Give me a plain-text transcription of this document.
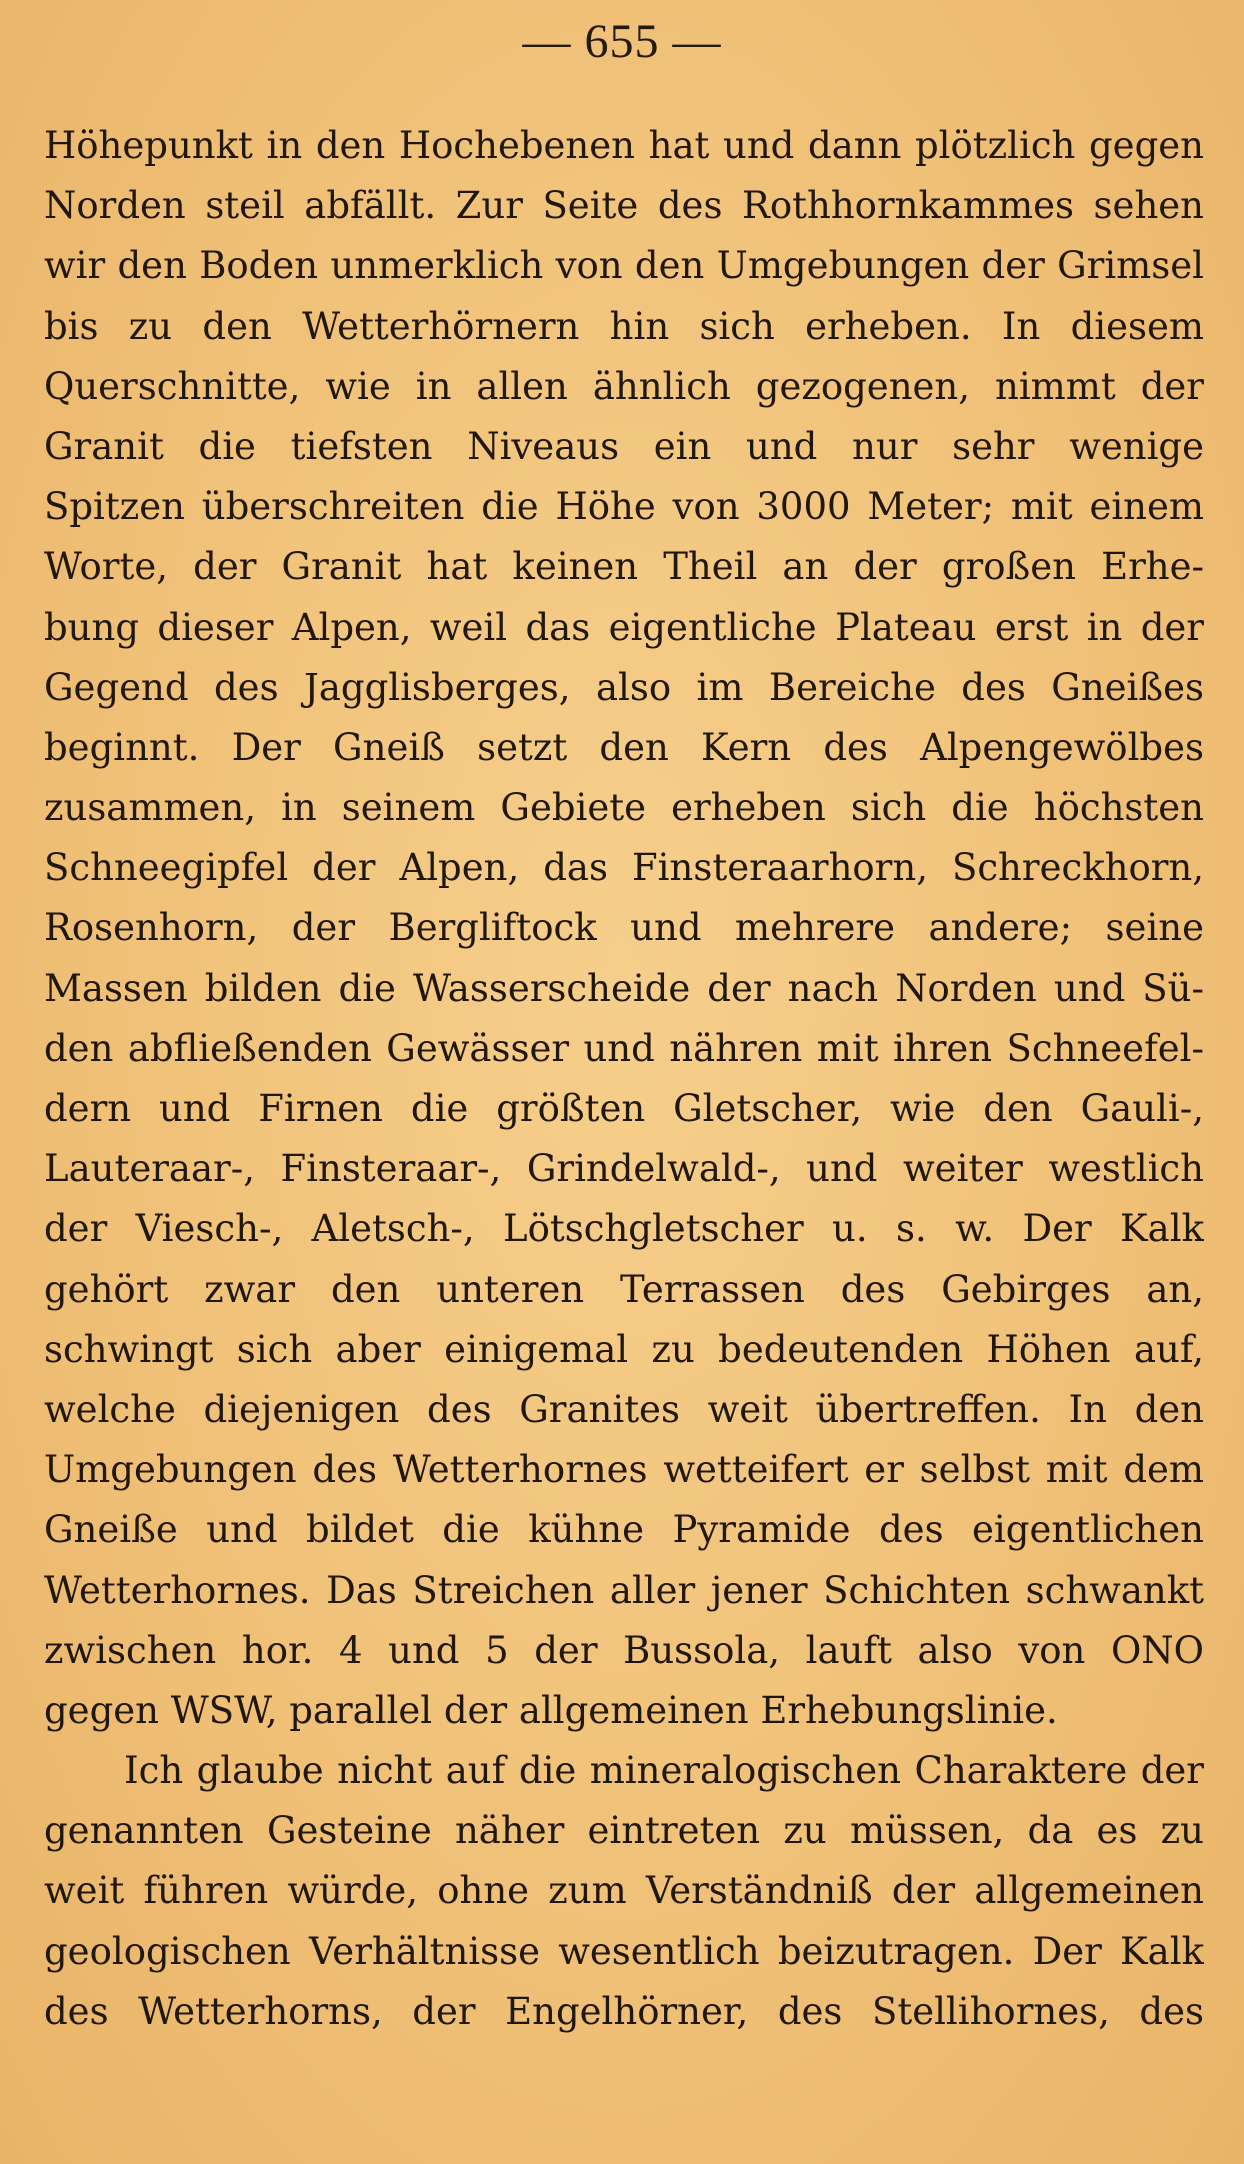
— 655 —
Höhepunkt in den Hochebenen hat und dann plötzlich gegen
Norden steil abfällt. Zur Seite des Rothhornkammes sehen
wir den Boden unmerklich von den Umgebungen der Grimsel
bis zu den Wetterhörnern hin sich erheben. In diesem
Querschnitte, wie in allen ähnlich gezogenen, nimmt der
Granit die tiefsten Niveaus ein und nur sehr wenige
Spitzen überschreiten die Höhe von 3000 Meter; mit einem
Worte, der Granit hat keinen Theil an der großen Erhe-
bung dieser Alpen, weil das eigentliche Plateau erst in der
Gegend des Jagglisberges, also im Bereiche des Gneißes
beginnt. Der Gneiß setzt den Kern des Alpengewölbes
zusammen, in seinem Gebiete erheben sich die höchsten
Schneegipfel der Alpen, das Finsteraarhorn, Schreckhorn,
Rosenhorn, der Bergliftock und mehrere andere; seine
Massen bilden die Wasserscheide der nach Norden und Sü-
den abfließenden Gewässer und nähren mit ihren Schneefel-
dern und Firnen die größten Gletscher, wie den Gauli-,
Lauteraar-, Finsteraar-, Grindelwald-, und weiter westlich
der Viesch-, Aletsch-, Lötschgletscher u. s. w. Der Kalk
gehört zwar den unteren Terrassen des Gebirges an,
schwingt sich aber einigemal zu bedeutenden Höhen auf,
welche diejenigen des Granites weit übertreffen. In den
Umgebungen des Wetterhornes wetteifert er selbst mit dem
Gneiße und bildet die kühne Pyramide des eigentlichen
Wetterhornes. Das Streichen aller jener Schichten schwankt
zwischen hor. 4 und 5 der Bussola, lauft also von ONO
gegen WSW, parallel der allgemeinen Erhebungslinie.
Ich glaube nicht auf die mineralogischen Charaktere der
genannten Gesteine näher eintreten zu müssen, da es zu
weit führen würde, ohne zum Verständniß der allgemeinen
geologischen Verhältnisse wesentlich beizutragen. Der Kalk
des Wetterhorns, der Engelhörner, des Stellihornes, des
